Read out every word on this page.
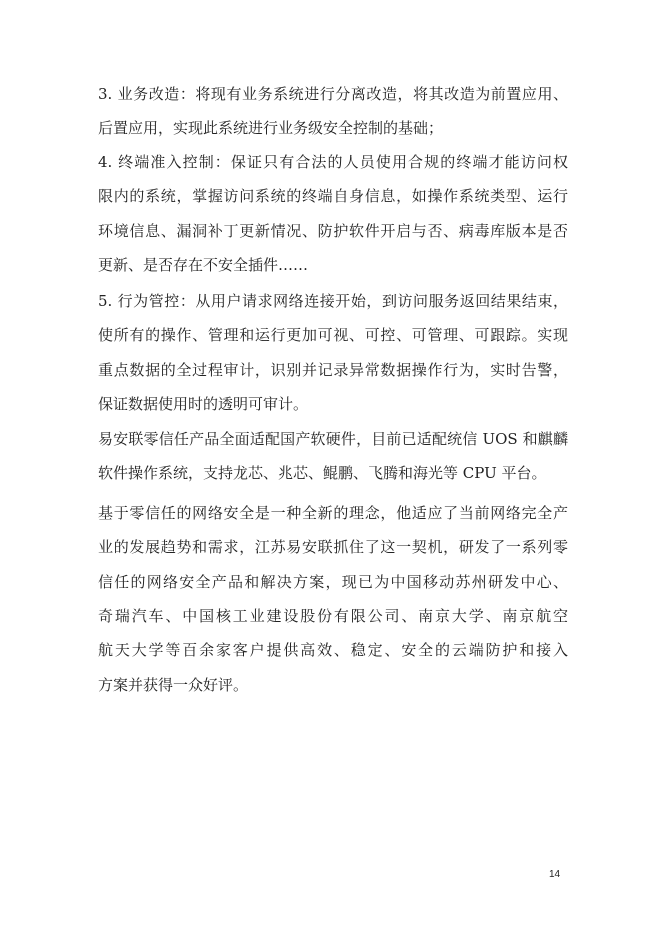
3. 业务改造：将现有业务系统进行分离改造，将其改造为前置应用、
后置应用，实现此系统进行业务级安全控制的基础；
4. 终端准入控制：保证只有合法的人员使用合规的终端才能访问权
限内的系统，掌握访问系统的终端自身信息，如操作系统类型、运行
环境信息、漏洞补丁更新情况、防护软件开启与否、病毒库版本是否
更新、是否存在不安全插件……
5. 行为管控：从用户请求网络连接开始，到访问服务返回结果结束，
使所有的操作、管理和运行更加可视、可控、可管理、可跟踪。实现
重点数据的全过程审计，识别并记录异常数据操作行为，实时告警，
保证数据使用时的透明可审计。
易安联零信任产品全面适配国产软硬件，目前已适配统信 UOS 和麒麟
软件操作系统，支持龙芯、兆芯、鲲鹏、飞腾和海光等 CPU 平台。
基于零信任的网络安全是一种全新的理念，他适应了当前网络完全产
业的发展趋势和需求，江苏易安联抓住了这一契机，研发了一系列零
信任的网络安全产品和解决方案，现已为中国移动苏州研发中心、
奇瑞汽车、中国核工业建设股份有限公司、南京大学、南京航空
航天大学等百余家客户提供高效、稳定、安全的云端防护和接入
方案并获得一众好评。
14
